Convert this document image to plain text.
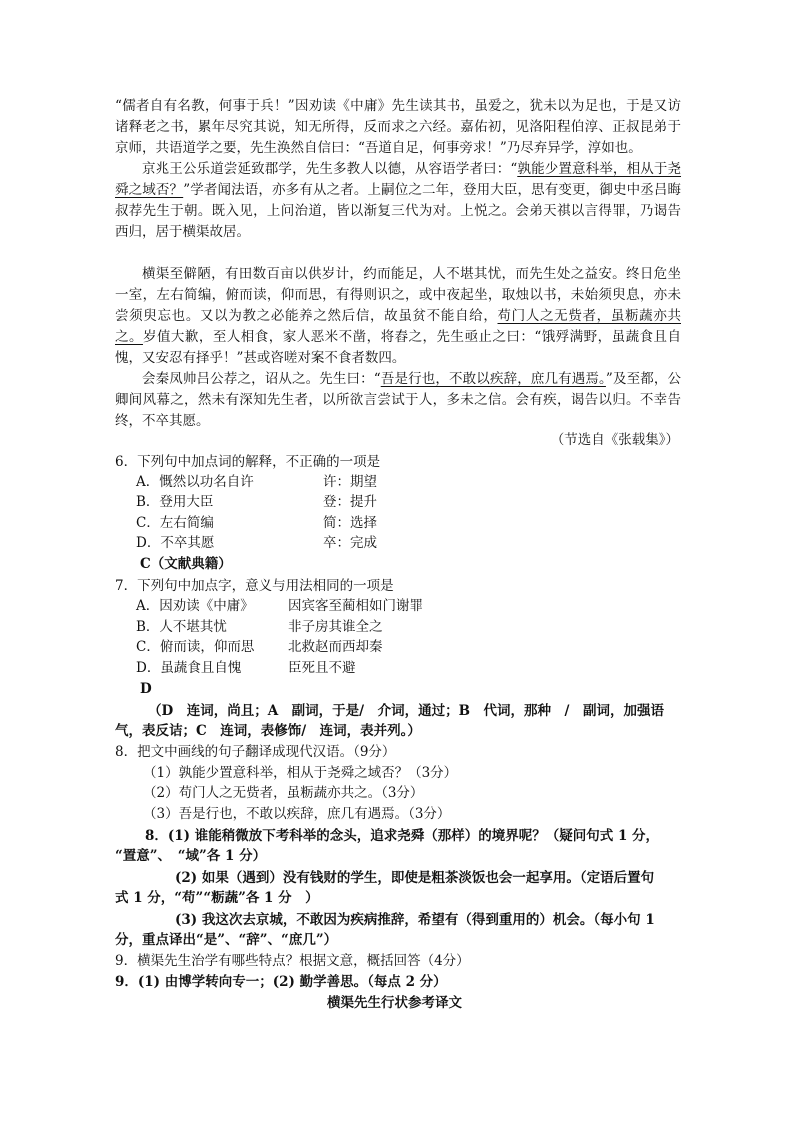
“儒者自有名教，何事于兵！”因劝读《中庸》先生读其书，虽爱之，犹未以为足也，于是又访诸释老之书，累年尽究其说，知无所得，反而求之六经。嘉佑初，见洛阳程伯淳、正叔昆弟于京师，共语道学之要，先生涣然自信曰：“吾道自足，何事旁求！”乃尽弃异学，淳如也。

京兆王公乐道尝延致郡学，先生多教人以德，从容语学者曰：“孰能少置意科举，相从于尧舜之域否？”学者闻法语，亦多有从之者。上嗣位之二年，登用大臣，思有变更，御史中丞吕晦叔荐先生于朝。既入见，上问治道，皆以渐复三代为对。上悦之。会弟天祺以言得罪，乃谒告西归，居于横渠故居。

横渠至僻陋，有田数百亩以供岁计，约而能足，人不堪其忧，而先生处之益安。终日危坐一室，左右简编，俯而读，仰而思，有得则识之，或中夜起坐，取烛以书，未始须臾息，亦未尝须臾忘也。又以为教之必能养之然后信，故虽贫不能自给，苟门人之无赀者，虽粝蔬亦共之。岁值大歉，至人相食，家人恶米不凿，将舂之，先生亟止之曰：“饿殍满野，虽蔬食且自愧，又安忍有择乎！”甚或咨嗟对案不食者数四。

会秦凤帅吕公荐之，诏从之。先生曰：“吾是行也，不敢以疾辞，庶几有遇焉。”及至都，公卿间风幕之，然未有深知先生者，以所欲言尝试于人，多未之信。会有疾，谒告以归。不幸告终，不卒其愿。

（节选自《张载集》）

6．下列句中加点词的解释，不正确的一项是

A．慨然以功名自许	许：期望
B．登用大臣	登：提升
C．左右简编	简：选择
D．不卒其愿	卒：完成

C（文献典籍）

7．下列句中加点字，意义与用法相同的一项是

A．因劝读《中庸》	因宾客至蔺相如门谢罪
B．人不堪其忧	非子房其谁全之
C．俯而读，仰而思 北救赵而西却秦
D．虽蔬食且自愧	臣死且不避

D

（D　连词，尚且；A　副词，于是/　介词，通过；B　代词，那种　/　副词，加强语

气，表反诘；C　连词，表修饰/　连词，表并列。）

8．把文中画线的句子翻译成现代汉语。（9分）

（1）孰能少置意科举，相从于尧舜之域否？（3分）

（2）苟门人之无赀者，虽粝蔬亦共之。（3分）

（3）吾是行也，不敢以疾辞，庶几有遇焉。（3分）

8．(1) 谁能稍微放下考科举的念头，追求尧舜（那样）的境界呢？（疑问句式 1 分，

“置意”、　“域”各 1 分）

(2) 如果（遇到）没有钱财的学生，即使是粗茶淡饭也会一起享用。（定语后置句

式 1 分，“苟”“粝蔬”各 1 分　）

(3) 我这次去京城，不敢因为疾病推辞，希望有（得到重用的）机会。（每小句 1

分，重点译出“是”、“辞”、“庶几”）

9．横渠先生治学有哪些特点？根据文意，概括回答（4分）

9．(1) 由博学转向专一；(2) 勤学善思。（每点 2 分）

横渠先生行状参考译文
